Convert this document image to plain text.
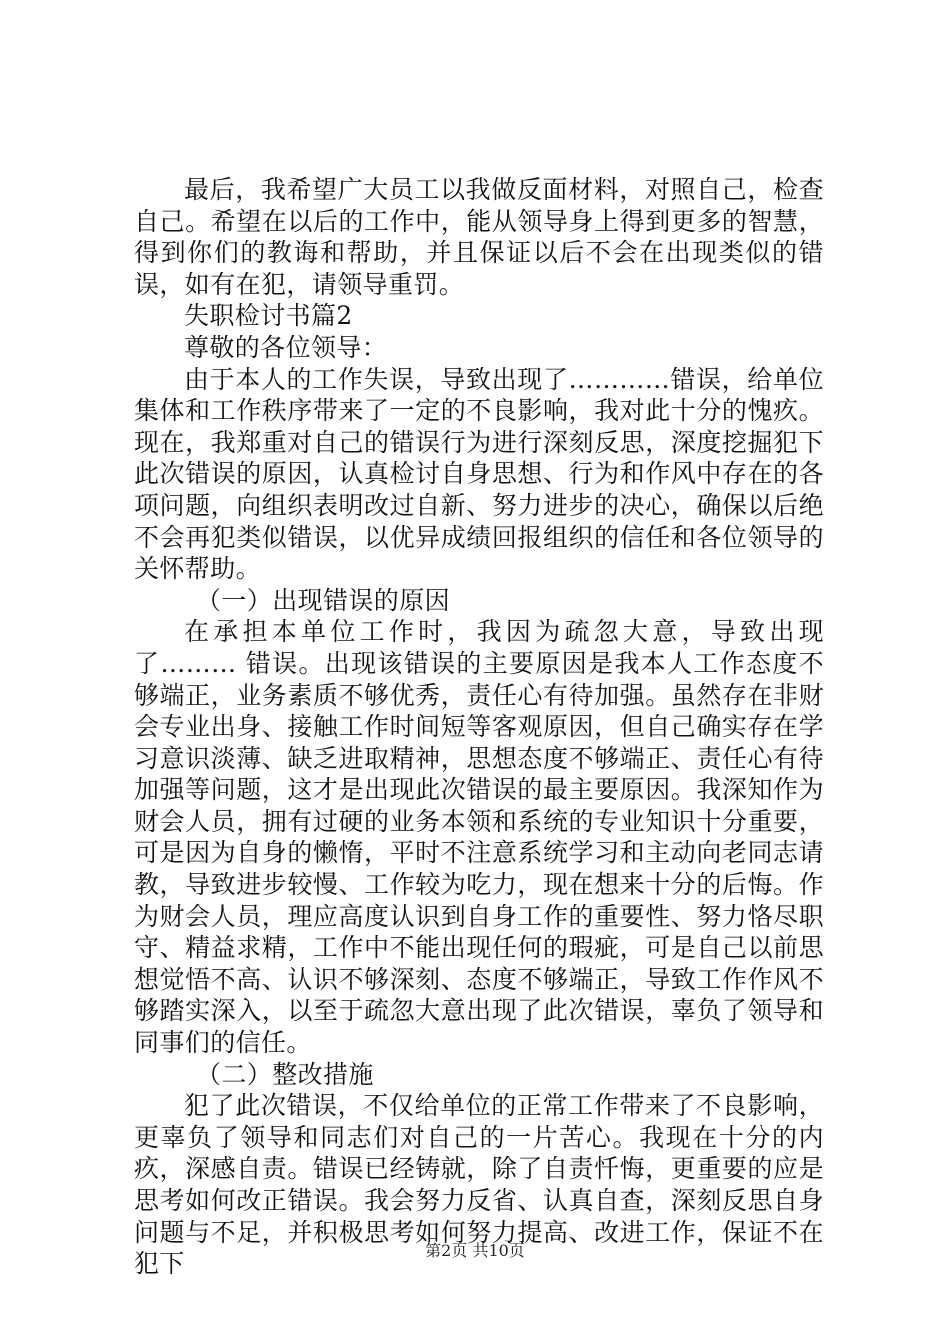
最后，我希望广大员工以我做反面材料，对照自己，检查自己。希望在以后的工作中，能从领导身上得到更多的智慧，得到你们的教诲和帮助，并且保证以后不会在出现类似的错误，如有在犯，请领导重罚。

失职检讨书篇2

尊敬的各位领导：

由于本人的工作失误，导致出现了…………错误，给单位集体和工作秩序带来了一定的不良影响，我对此十分的愧疚。现在，我郑重对自己的错误行为进行深刻反思，深度挖掘犯下此次错误的原因，认真检讨自身思想、行为和作风中存在的各项问题，向组织表明改过自新、努力进步的决心，确保以后绝不会再犯类似错误，以优异成绩回报组织的信任和各位领导的关怀帮助。

（一）出现错误的原因

在承担本单位工作时，我因为疏忽大意，导致出现了……… 错误。出现该错误的主要原因是我本人工作态度不够端正，业务素质不够优秀，责任心有待加强。虽然存在非财会专业出身、接触工作时间短等客观原因，但自己确实存在学习意识淡薄、缺乏进取精神，思想态度不够端正、责任心有待加强等问题，这才是出现此次错误的最主要原因。我深知作为财会人员，拥有过硬的业务本领和系统的专业知识十分重要，可是因为自身的懒惰，平时不注意系统学习和主动向老同志请教，导致进步较慢、工作较为吃力，现在想来十分的后悔。作为财会人员，理应高度认识到自身工作的重要性、努力恪尽职守、精益求精，工作中不能出现任何的瑕疵，可是自己以前思想觉悟不高、认识不够深刻、态度不够端正，导致工作作风不够踏实深入，以至于疏忽大意出现了此次错误，辜负了领导和同事们的信任。

（二）整改措施

犯了此次错误，不仅给单位的正常工作带来了不良影响，更辜负了领导和同志们对自己的一片苦心。我现在十分的内疚，深感自责。错误已经铸就，除了自责忏悔，更重要的应是思考如何改正错误。我会努力反省、认真自查，深刻反思自身问题与不足，并积极思考如何努力提高、改进工作，保证不在犯下	第2页 共10页
